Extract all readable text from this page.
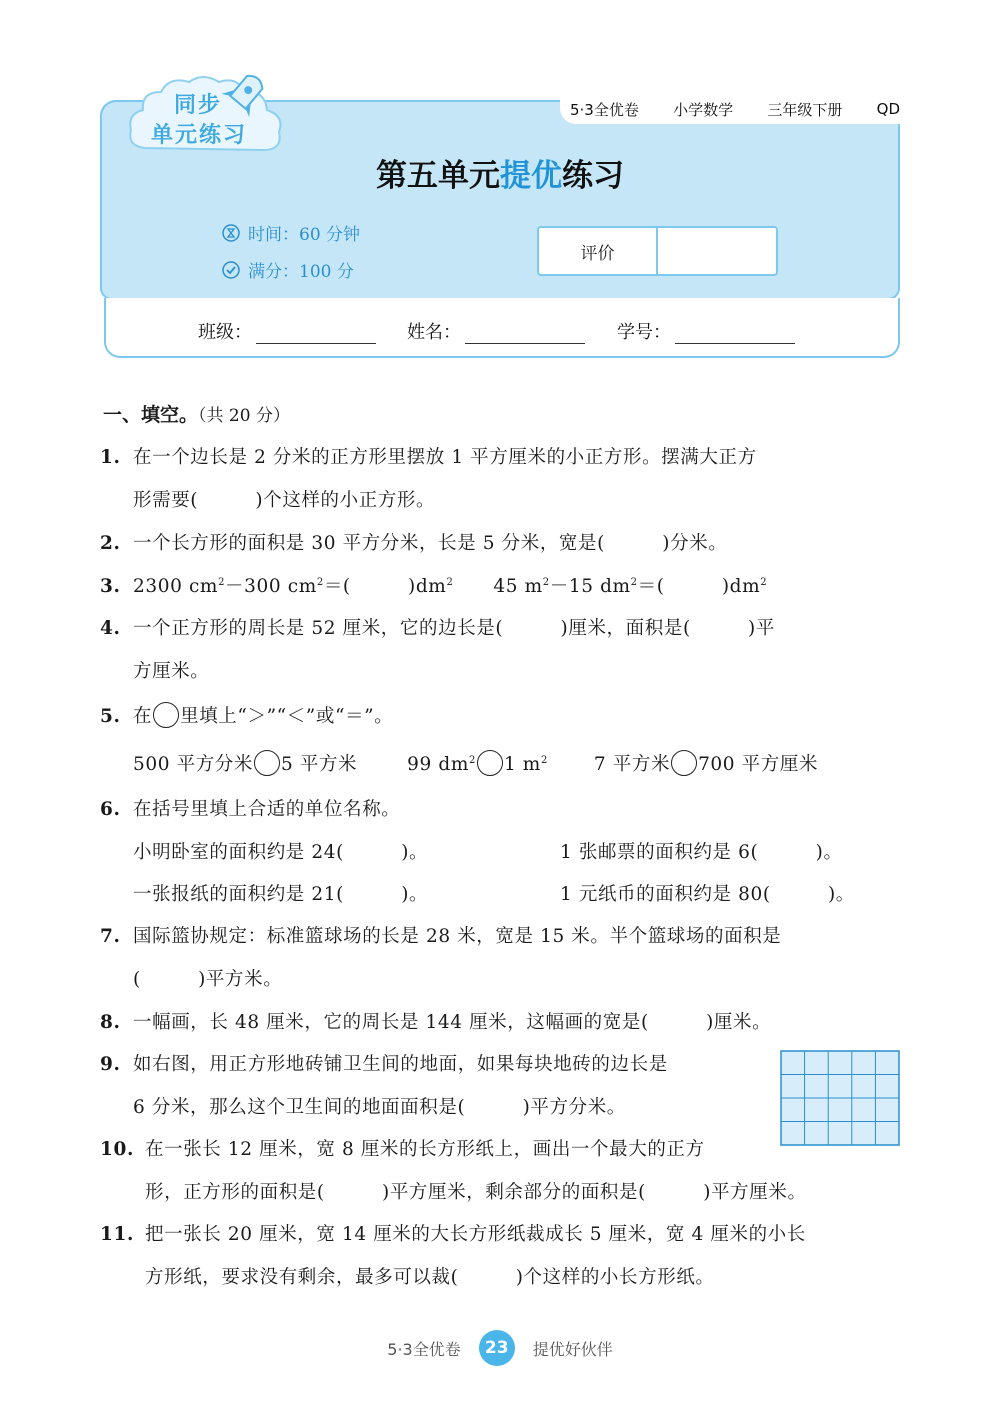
5·3全优卷 小学数学 三年级下册 QD
同步
单元练习
第五单元提优练习
时间：60 分钟
满分：100 分
评价
班级：	姓名：	学号：
一、填空。（共 20 分）
1. 在一个边长是 2 分米的正方形里摆放 1 平方厘米的小正方形。摆满大正方
形需要(　　　)个这样的小正方形。
2. 一个长方形的面积是 30 平方分米，长是 5 分米，宽是(　　　)分米。
3. 2300 $cm^2-300$ $cm^2=$(　　　)$dm^2$ 45 $m^2-15$ $dm^2=$(　　　)$dm^2$
4. 一个正方形的周长是 52 厘米，它的边长是(　　　)厘米，面积是(　　　)平
方厘米。
5. 在 里填上“＞”“＜”或“＝”。
500 平方分米 5 平方米	99 $dm^2$ 1 $m^2$ 7 平方米 700 平方厘米
6. 在括号里填上合适的单位名称。
小明卧室的面积约是 24(　　　)。	1 张邮票的面积约是 6(　　　)。
一张报纸的面积约是 21(　　　)。	1 元纸币的面积约是 80(　　　)。
7. 国际篮协规定：标准篮球场的长是 28 米，宽是 15 米。半个篮球场的面积是
(　　　)平方米。
8. 一幅画，长 48 厘米，它的周长是 144 厘米，这幅画的宽是(　　　)厘米。
9. 如右图，用正方形地砖铺卫生间的地面，如果每块地砖的边长是
6 分米，那么这个卫生间的地面面积是(　　　)平方分米。
10. 在一张长 12 厘米，宽 8 厘米的长方形纸上，画出一个最大的正方
形，正方形的面积是(　　　)平方厘米，剩余部分的面积是(　　　)平方厘米。
11. 把一张长 20 厘米，宽 14 厘米的大长方形纸裁成长 5 厘米，宽 4 厘米的小长
方形纸，要求没有剩余，最多可以裁(　　　)个这样的小长方形纸。
5·3全优卷	23	提优好伙伴
